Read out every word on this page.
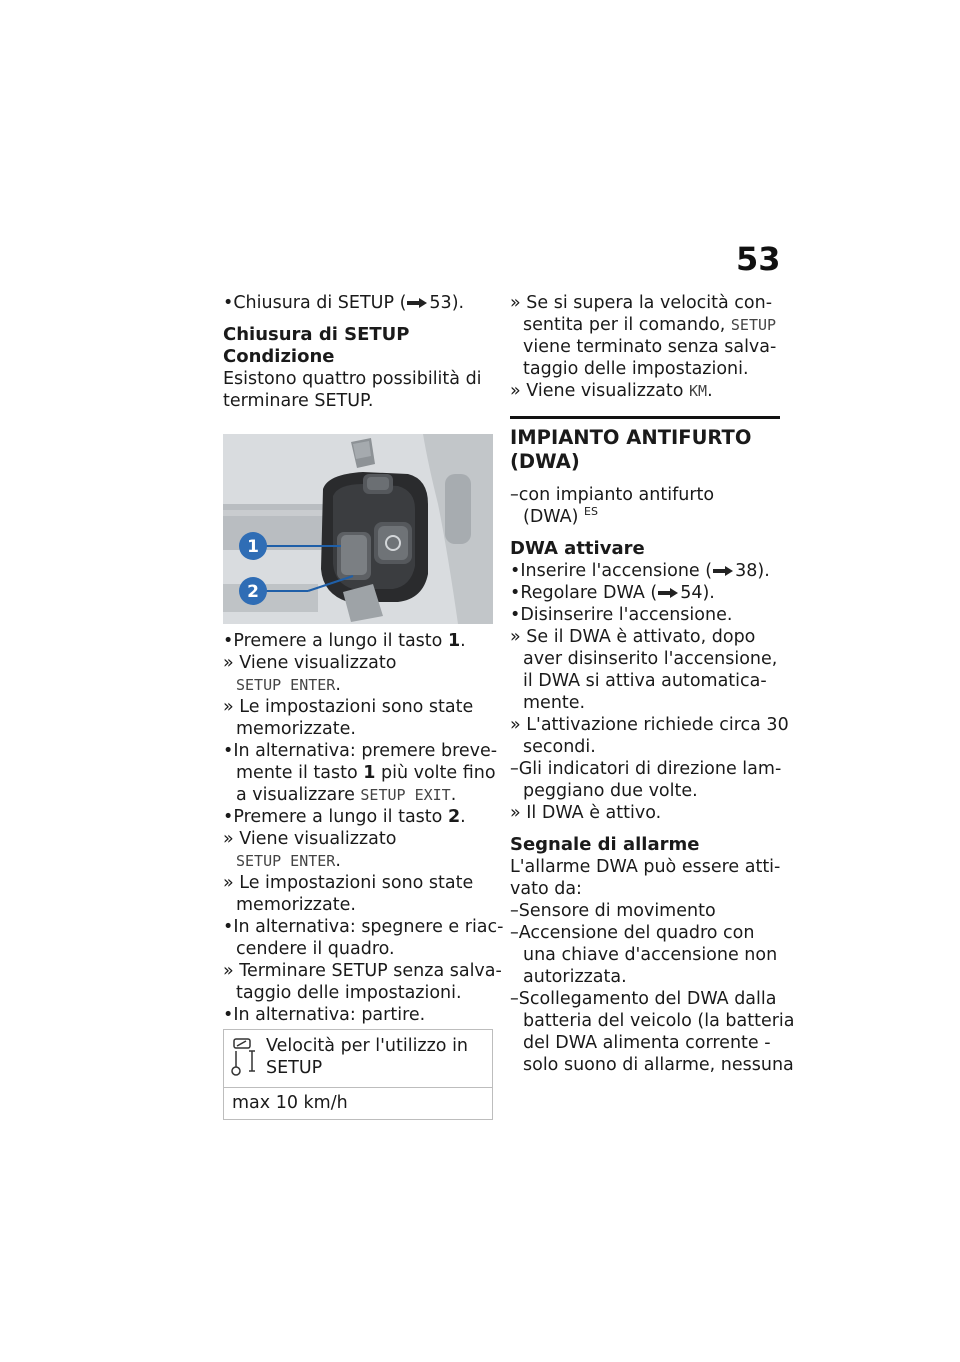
53
•Chiusura di SETUP ( 53).
Chiusura di SETUP
Condizione
Esistono quattro possibilità di
terminare SETUP.
1
2
•Premere a lungo il tasto 1.
» Viene visualizzato
SETUP ENTER.
» Le impostazioni sono state
memorizzate.
•In alternativa: premere breve-
mente il tasto 1 più volte fino
a visualizzare SETUP EXIT.
•Premere a lungo il tasto 2.
» Viene visualizzato
SETUP ENTER.
» Le impostazioni sono state
memorizzate.
•In alternativa: spegnere e riac-
cendere il quadro.
» Terminare SETUP senza salva-
taggio delle impostazioni.
•In alternativa: partire.
Velocità per l'utilizzo in
SETUP
max 10 km/h
» Se si supera la velocità con-
sentita per il comando, SETUP
viene terminato senza salva-
taggio delle impostazioni.
» Viene visualizzato KM.
IMPIANTO ANTIFURTO
(DWA)
–con impianto antifurto
(DWA) $^{ES}$
DWA attivare
•Inserire l'accensione ( 38).
•Regolare DWA ( 54).
•Disinserire l'accensione.
» Se il DWA è attivato, dopo
aver disinserito l'accensione,
il DWA si attiva automatica-
mente.
» L'attivazione richiede circa 30
secondi.
–Gli indicatori di direzione lam-
peggiano due volte.
» Il DWA è attivo.
Segnale di allarme
L'allarme DWA può essere atti-
vato da:
–Sensore di movimento
–Accensione del quadro con
una chiave d'accensione non
autorizzata.
–Scollegamento del DWA dalla
batteria del veicolo (la batteria
del DWA alimenta corrente -
solo suono di allarme, nessuna
